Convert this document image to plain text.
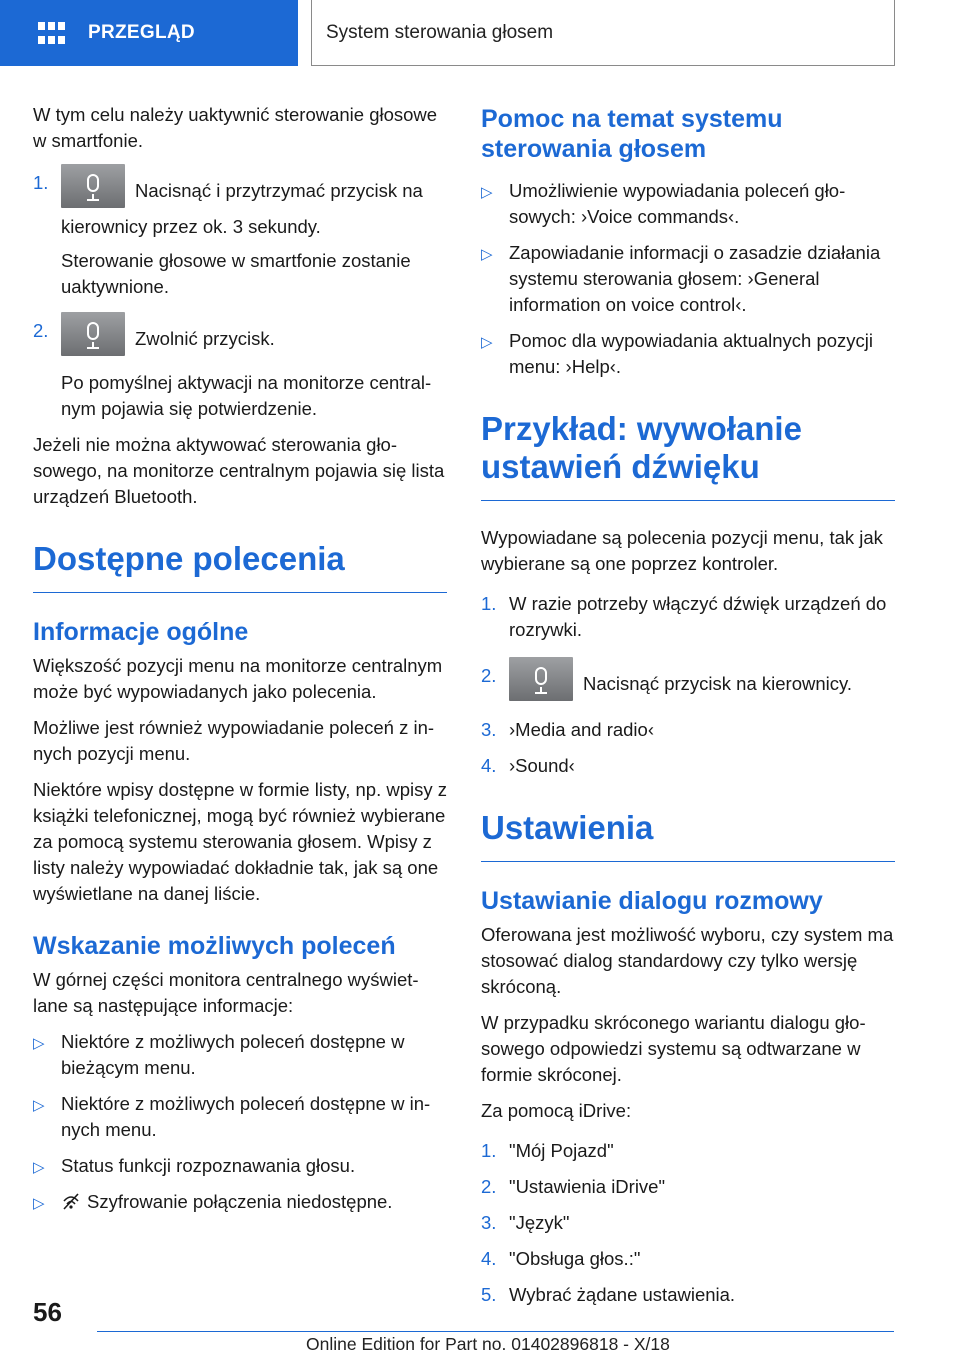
PRZEGLĄD	System sterowania głosem

W tym celu należy uaktywnić sterowanie głosowe w smartfonie.

1.	Nacisnąć i przytrzymać przycisk na kierownicy przez ok. 3 sekundy.
Sterowanie głosowe w smartfonie zostanie uaktywnione.
2.	Zwolnić przycisk.
Po pomyślnej aktywacji na monitorze centralnym pojawia się potwierdzenie.

Jeżeli nie można aktywować sterowania głosowego, na monitorze centralnym pojawia się lista urządzeń Bluetooth.

Dostępne polecenia
Informacje ogólne

Większość pozycji menu na monitorze centralnym może być wypowiadanych jako polecenia.

Możliwe jest również wypowiadanie poleceń z innych pozycji menu.

Niektóre wpisy dostępne w formie listy, np. wpisy z książki telefonicznej, mogą być również wybierane za pomocą systemu sterowania głosem. Wpisy z listy należy wypowiadać dokładnie tak, jak są one wyświetlane na danej liście.

Wskazanie możliwych poleceń

W górnej części monitora centralnego wyświetlane są następujące informacje:

▷ Niektóre z możliwych poleceń dostępne w bieżącym menu.
▷ Niektóre z możliwych poleceń dostępne w innych menu.
▷ Status funkcji rozpoznawania głosu.
▷ Szyfrowanie połączenia niedostępne.
Pomoc na temat systemu sterowania głosem
▷ Umożliwienie wypowiadania poleceń głosowych: ›Voice commands‹.
▷ Zapowiadanie informacji o zasadzie działania systemu sterowania głosem: ›General information on voice control‹.
▷ Pomoc dla wypowiadania aktualnych pozycji menu: ›Help‹.
Przykład: wywołanie ustawień dźwięku

Wypowiadane są polecenia pozycji menu, tak jak wybierane są one poprzez kontroler.

1. W razie potrzeby włączyć dźwięk urządzeń do rozrywki.
2.	Nacisnąć przycisk na kierownicy.
3. ›Media and radio‹
4. ›Sound‹
Ustawienia
Ustawianie dialogu rozmowy

Oferowana jest możliwość wyboru, czy system ma stosować dialog standardowy czy tylko wersję skróconą.

W przypadku skróconego wariantu dialogu głosowego odpowiedzi systemu są odtwarzane w formie skróconej.

Za pomocą iDrive:

1. "Mój Pojazd"
2. "Ustawienia iDrive"
3. "Język"
4. "Obsługa głos.:"
5. Wybrać żądane ustawienia.
56
Online Edition for Part no. 01402896818 - X/18
